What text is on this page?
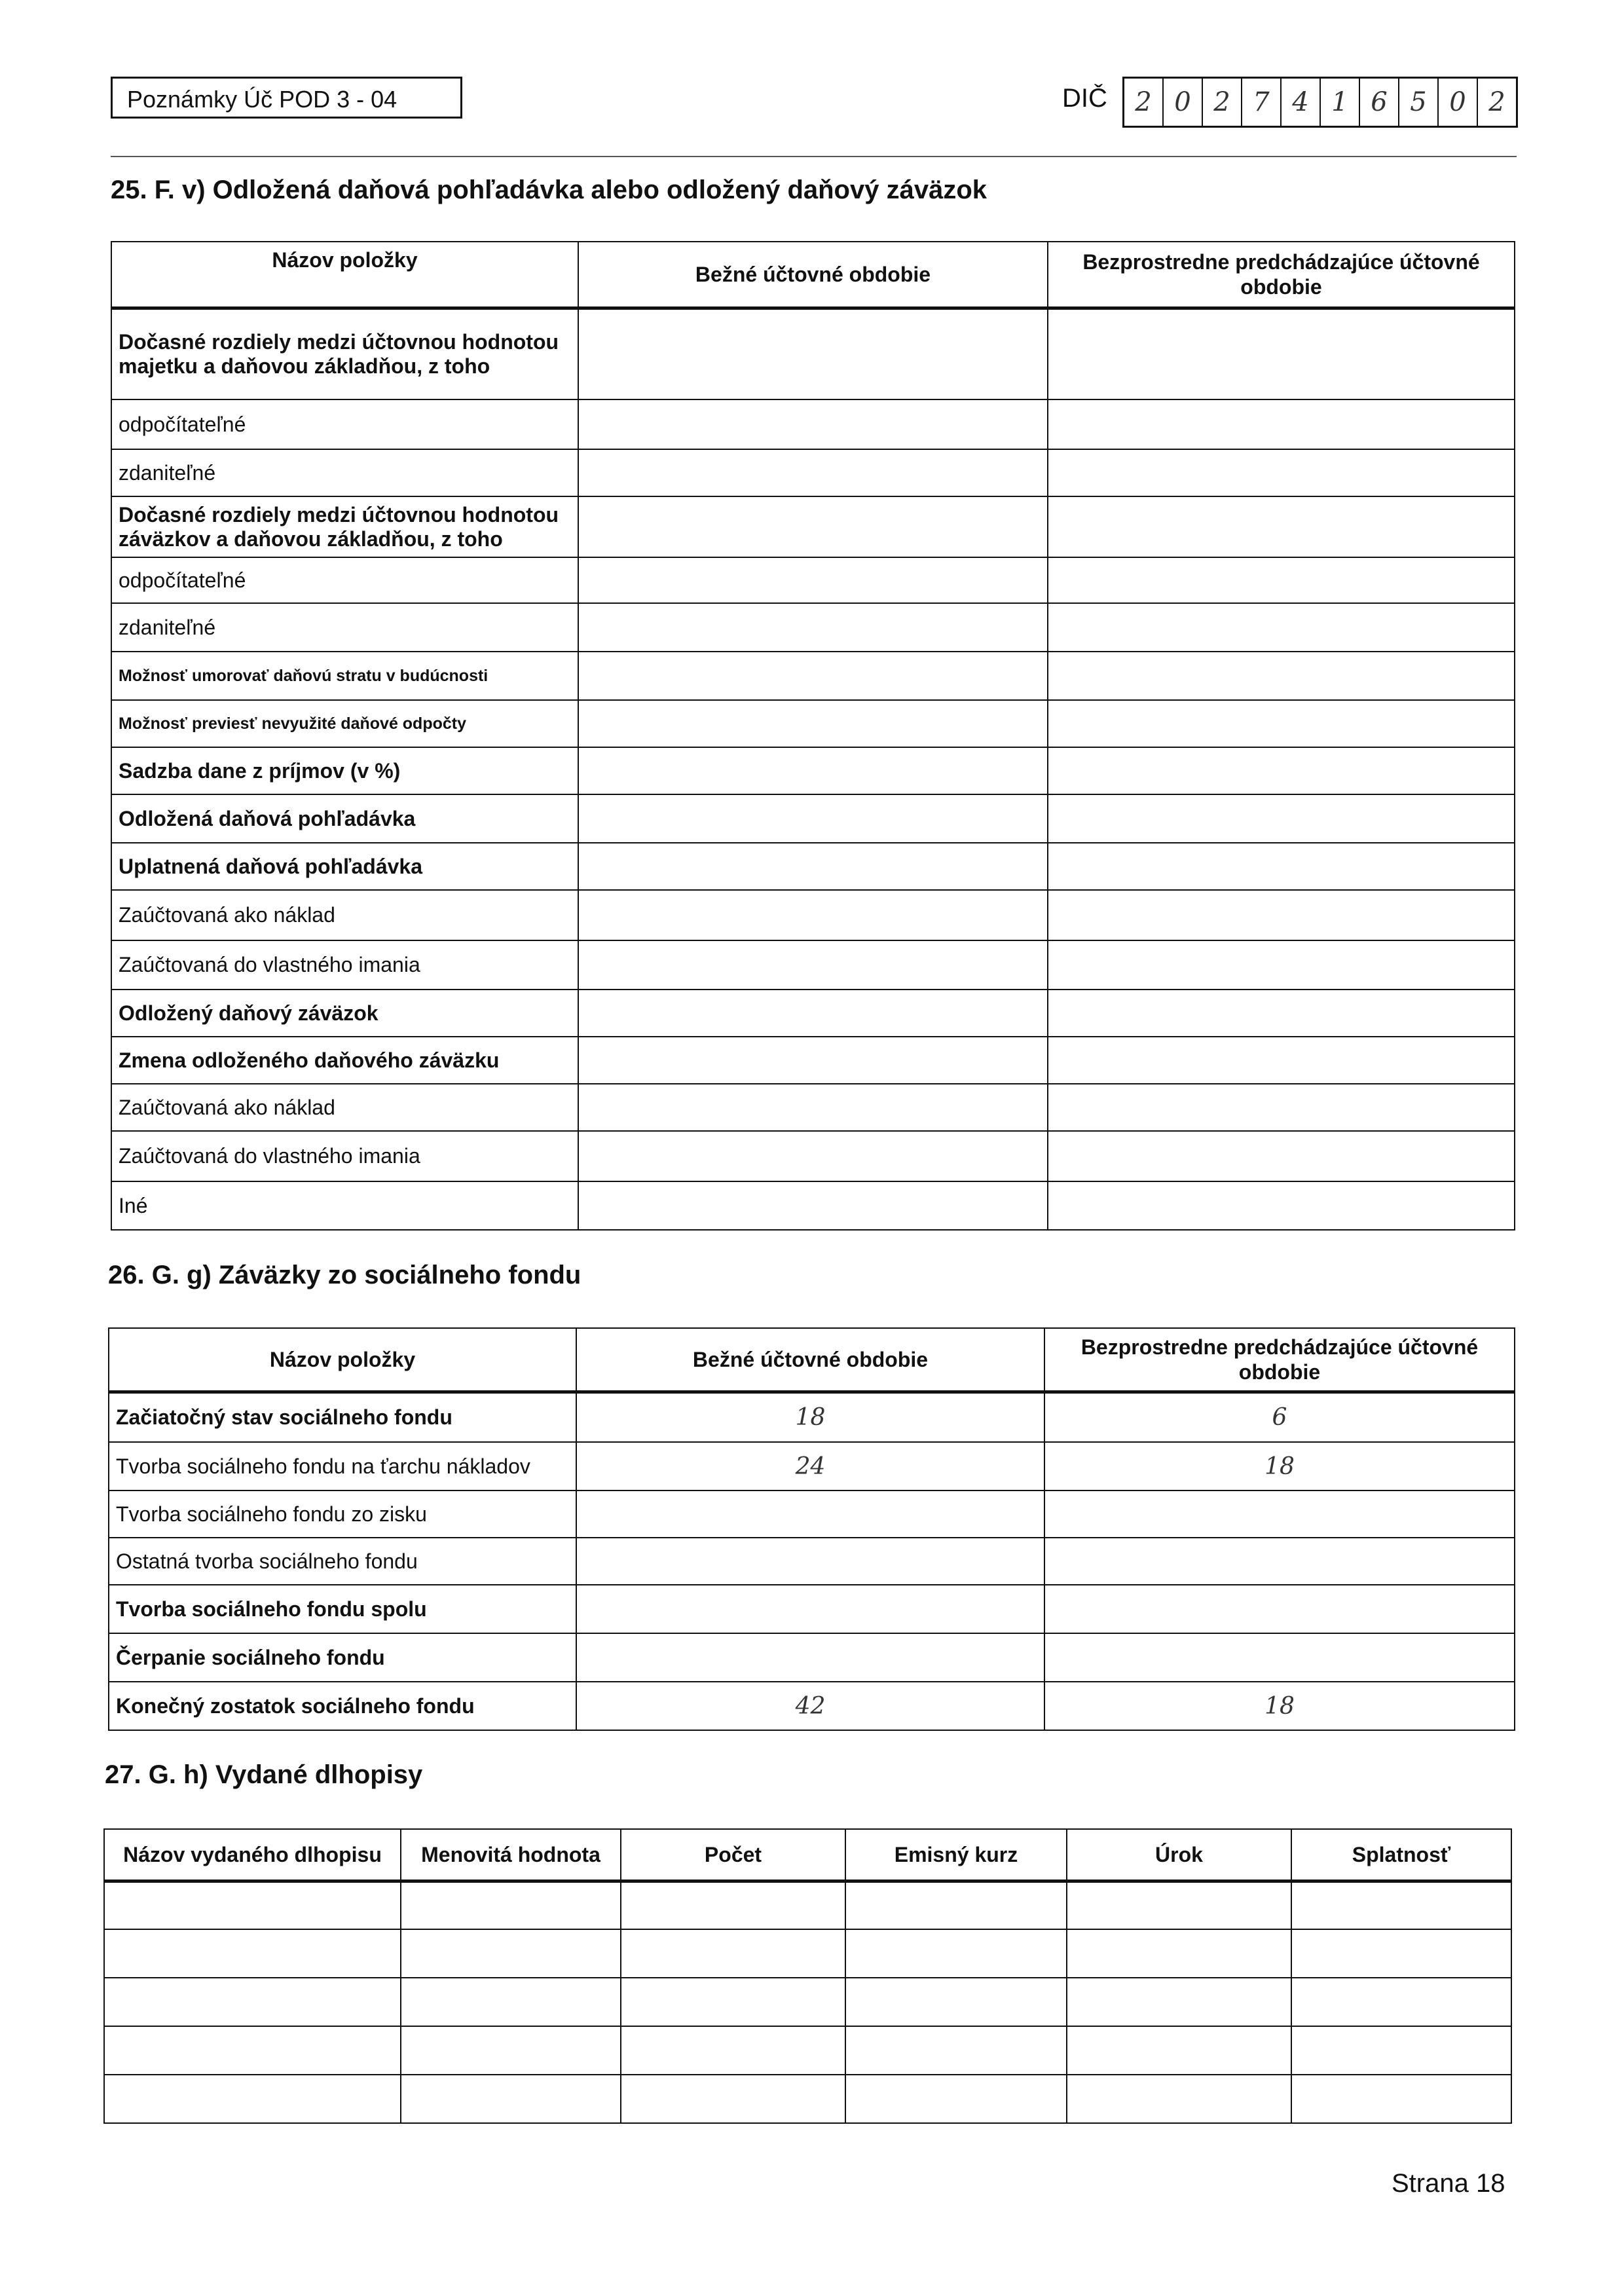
Poznámky Úč POD 3 - 04	DIČ	2 0 2 7 4 1 6 5 0 2
25. F. v) Odložená daňová pohľadávka alebo odložený daňový záväzok
Názov položky	Bežné účtovné obdobie	Bezprostredne predchádzajúce účtovné obdobie
Dočasné rozdiely medzi účtovnou hodnotou majetku a daňovou základňou, z toho		
odpočítateľné		
zdaniteľné		
Dočasné rozdiely medzi účtovnou hodnotou záväzkov a daňovou základňou, z toho		
odpočítateľné		
zdaniteľné		
Možnosť umorovať daňovú stratu v budúcnosti		
Možnosť previesť nevyužité daňové odpočty		
Sadzba dane z príjmov (v %)		
Odložená daňová pohľadávka		
Uplatnená daňová pohľadávka		
Zaúčtovaná ako náklad		
Zaúčtovaná do vlastného imania		
Odložený daňový záväzok		
Zmena odloženého daňového záväzku		
Zaúčtovaná ako náklad		
Zaúčtovaná do vlastného imania		
Iné		
26. G. g) Záväzky zo sociálneho fondu
Názov položky	Bežné účtovné obdobie	Bezprostredne predchádzajúce účtovné obdobie
Začiatočný stav sociálneho fondu	18	6
Tvorba sociálneho fondu na ťarchu nákladov	24	18
Tvorba sociálneho fondu zo zisku		
Ostatná tvorba sociálneho fondu		
Tvorba sociálneho fondu spolu		
Čerpanie sociálneho fondu		
Konečný zostatok sociálneho fondu	42	18
27. G. h) Vydané dlhopisy
Názov vydaného dlhopisu	Menovitá hodnota	Počet	Emisný kurz	Úrok	Splatnosť

Strana 18
